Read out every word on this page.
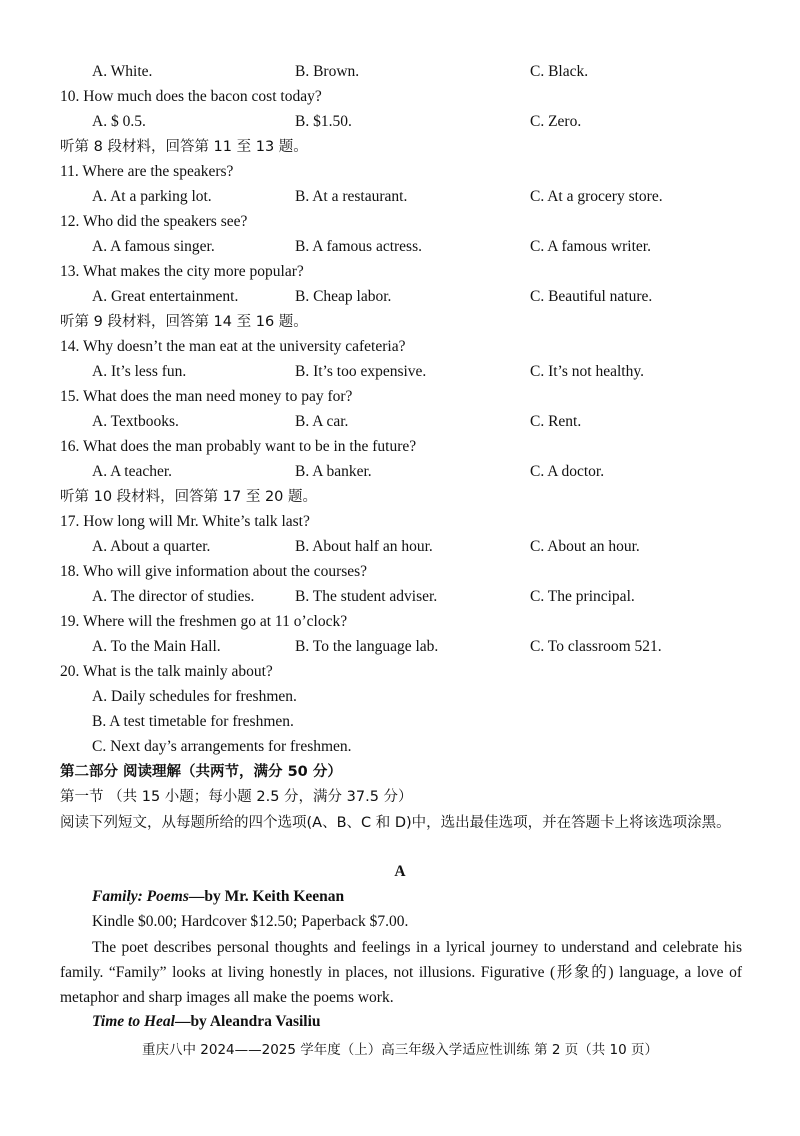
A. White.	B. Brown.	C. Black.
10. How much does the bacon cost today?
A. $ 0.5.	B. $1.50.	C. Zero.
听第 8 段材料，回答第 11 至 13 题。
11. Where are the speakers?
A. At a parking lot.	B. At a restaurant.	C. At a grocery store.
12. Who did the speakers see?
A. A famous singer.	B. A famous actress.	C. A famous writer.
13. What makes the city more popular?
A. Great entertainment.	B. Cheap labor.	C. Beautiful nature.
听第 9 段材料，回答第 14 至 16 题。
14. Why doesn’t the man eat at the university cafeteria?
A. It’s less fun.	B. It’s too expensive.	C. It’s not healthy.
15. What does the man need money to pay for?
A. Textbooks.	B. A car.	C. Rent.
16. What does the man probably want to be in the future?
A. A teacher.	B. A banker.	C. A doctor.
听第 10 段材料，回答第 17 至 20 题。
17. How long will Mr. White’s talk last?
A. About a quarter.	B. About half an hour.	C. About an hour.
18. Who will give information about the courses?
A. The director of studies.	B. The student adviser.	C. The principal.
19. Where will the freshmen go at 11 o’clock?
A. To the Main Hall.	B. To the language lab.	C. To classroom 521.
20. What is the talk mainly about?
A. Daily schedules for freshmen.
B. A test timetable for freshmen.
C. Next day’s arrangements for freshmen.
第二部分 阅读理解（共两节，满分 50 分）
第一节 （共 15 小题；每小题 2.5 分，满分 37.5 分）
阅读下列短文，从每题所给的四个选项(A、B、C 和 D)中，选出最佳选项，并在答题卡上将该选项涂黑。
A
Family: Poems—by Mr. Keith Keenan
Kindle $0.00; Hardcover $12.50; Paperback $7.00.
The poet describes personal thoughts and feelings in a lyrical journey to understand and celebrate his family. “Family” looks at living honestly in places, not illusions. Figurative (形象的) language, a love of metaphor and sharp images all make the poems work.
Time to Heal—by Aleandra Vasiliu
重庆八中 2024——2025 学年度（上）高三年级入学适应性训练 第 2 页（共 10 页）
